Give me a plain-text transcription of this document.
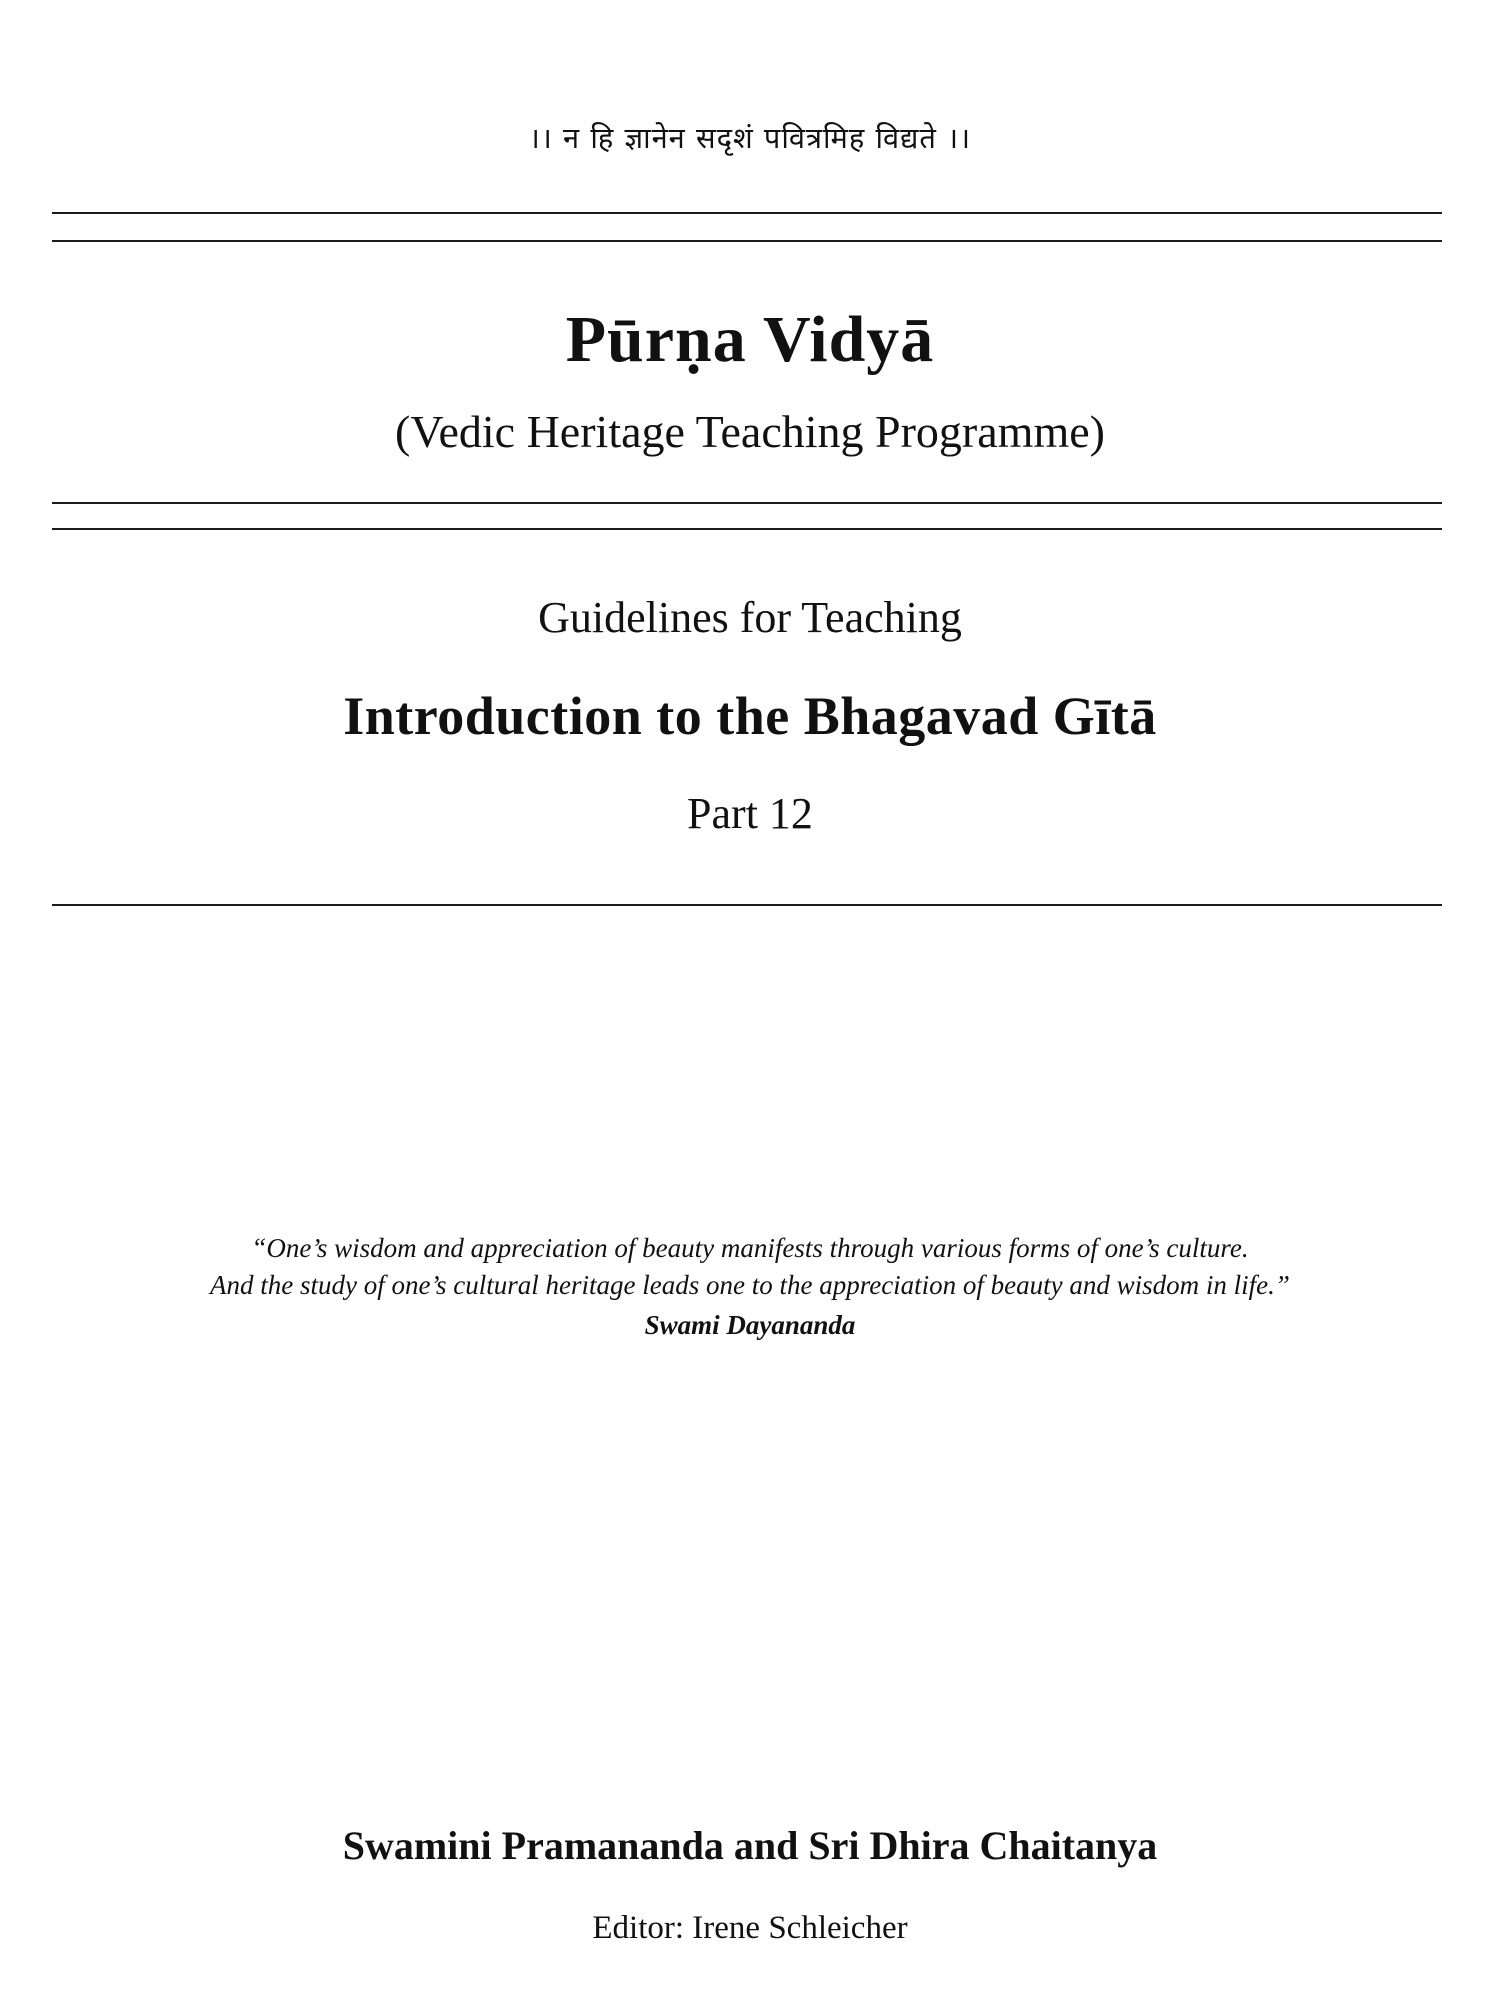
।। न हि ज्ञानेन सदृशं पवित्रमिह विद्यते ।।
Pūrṇa Vidyā
(Vedic Heritage Teaching Programme)
Guidelines for Teaching
Introduction to the Bhagavad Gītā
Part 12
“One’s wisdom and appreciation of beauty manifests through various forms of one’s culture.
And the study of one’s cultural heritage leads one to the appreciation of beauty and wisdom in life.”
Swami Dayananda
Swamini Pramananda and Sri Dhira Chaitanya
Editor: Irene Schleicher
